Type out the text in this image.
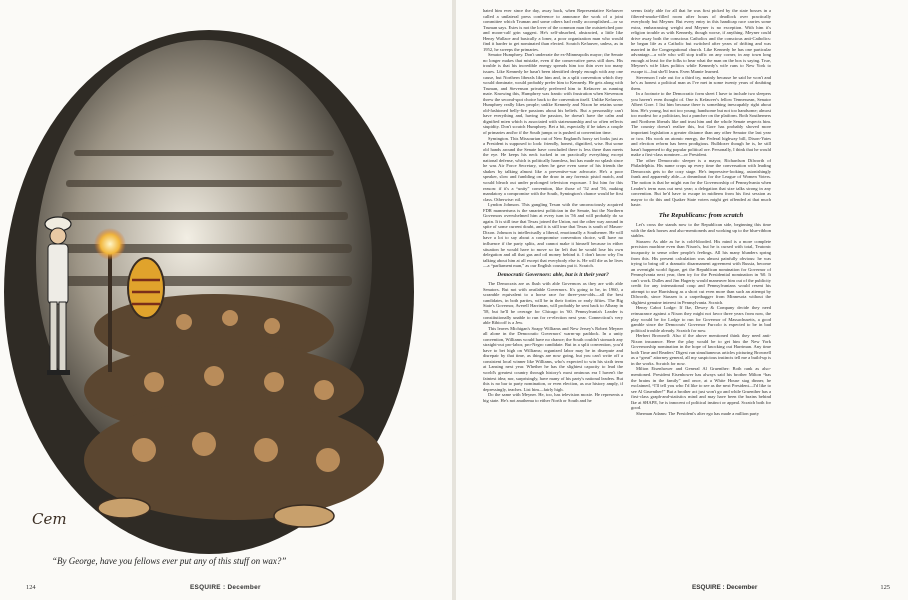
Cem
“By George, have you fellows ever put any of this stuff on wax?”
124	ESQUIRE : December

hated him ever since the day, away back, when Representative Kefauver called a unilateral press conference to announce the work of a joint committee which Truman and some others had really accomplished—or so Truman says. Estes is not the lover of the common man the outstretched paw and moon-calf grin suggest. He's self-absorbed, abstracted, a little like Henry Wallace and basically a loner, a poor organization man who would find it harder to get nominated than elected. Scratch Kefauver, unless, as in 1952, he sweeps the primaries.

Senator Humphrey. Don't underrate the ex-Minneapolis mayor; the Senate no longer makes that mistake, even if the conservative press still does. His trouble is that his incredible energy spreads him too thin over too many issues. Like Kennedy he hasn't been identified deeply enough with any one cause, but Northern liberals like him and, in a split convention which they would dominate, would probably prefer him to Kennedy. He gets along with Truman, and Stevenson privately preferred him to Kefauver as running mate. Knowing this, Humphrey was frantic with frustration when Stevenson threw the second-spot choice back to the convention itself. Unlike Kefauver, Humphrey really likes people; unlike Kennedy and Nixon he retains some old-fashioned belly-fire passions about his beliefs. But a personality can't have everything and, having the passion, he doesn't have the calm and dignified mien which is associated with statesmanship and so often reflects stupidity. Don't scratch Humphrey. Bet a bit, especially if he takes a couple of primaries and/or if the South jumps or is pushed at convention time.

Symington. This Missourian out of New England's horsy set looks just as a President is supposed to look: friendly, honest, dignified, wise. But some old hands around the Senate have concluded there is less there than meets the eye. He keeps his neck tucked in on practically everything except national defense, which is politically harmless, but has made no splash since he was Air Force Secretary, when he gave even some of his friends the shakes by talking almost like a preventive-war advocate. He's a poor speaker, slow and fumbling on the draw in any forensic pistol match, and would bleach out under prolonged television exposure. I list him for this reason: if it's a “unity” convention, like those of '52 and '56, making mandatory a compromise with the South, Symington's chance would be first class. Otherwise: nil.

Lyndon Johnson. This gangling Texan with the unconsciously acquired FDR mannerisms is the smartest politician in the Senate, but the Northern Governors overwhelmed him at every turn in '56 and will probably do so again. It is still true that Texas joined the Union, not the other way around in spite of some current doubt, and it is still true that Texas is south of Mason-Dixon. Johnson is intellectually a liberal, emotionally a Southerner. He will have a lot to say about a compromise convention choice, will have no influence if the party splits, and cannot make it himself because in either situation he would have to move so far left that he would lose his own delegation and all that gas and oil money behind it. I don't know why I'm talking about him at all except that everybody else is. He will die as he lives—a “parliament man,” as our English cousins put it. Scratch.

Democratic Governors: able, but is it their year?

The Democrats are as flush with able Governors as they are with able Senators. But not with available Governors. It's going to be, in 1960, a scramble equivalent to a horse race for three-year-olds—all the best candidates, in both parties, will be in their forties or early fifties. The Big State's Governor, Averell Harriman, will probably be sent back to Albany in '58, but he'll be overage for Chicago in '60. Pennsylvania's Leader is constitutionally unable to run for re-election next year. Connecticut's very able Ribicoff is a Jew.

This leaves Michigan's Soapy Williams and New Jersey's Robert Meyner all alone in the Democratic Governors' warm-up paddock. In a unity convention, Williams would have no chance; the South couldn't stomach any straight-out pro-labor, pro-Negro candidate. But in a split convention, you'd have to bet high on Williams; organized labor may be in disrepute and disrepair by that time, as things are now going, but you can't write off a consistent local winner like Williams, who's expected to win his sixth term at Lansing next year. Whether he has the slightest capacity to lead the world's greatest country through history's most ominous era I haven't the faintest idea; nor, surprisingly, have many of his party's national leaders. But this is no bar to party nomination, or even election, as our history amply, if depressingly, teaches. List him—fairly high.

Do the same with Meyner. He, too, has television moxie. He represents a big state. He's not anathema to either North or South and he

seems fairly able for all that he was first picked by the state bosses in a filtered-smoke-filled room after hours of deadlock over practically everybody but Meyner. But every entry in this handicap race carries some extra, embarrassing weight and Meyner is no exception. With him it's religion trouble as with Kennedy, though worse, if anything. Meyner could drive away both the conscious Catholics and the conscious anti-Catholics: he began life as a Catholic but switched after years of drifting and was married in the Congregational church. Like Kennedy he has one particular advantage—a wife who will stop traffic on any corner, in any town long enough at least for the folks to hear what the man on the box is saying. True, Meyner's wife likes politics while Kennedy's wife runs to New York to escape it—but she'll learn. Even Mamie learned.

Stevenson I rule out for a third try, mainly because he said he won't and he's as honest a political man as I've met in some twenty years of doubting them.

In a footnote to the Democratic form sheet I have to include two sleepers you haven't even thought of. One is Kefauver's fellow Tennessean, Senator Albert Gore. I list him because there is something inescapably right about him. He's young, but not too young; handsome but not too handsome; almost too modest for a politician, but a puncher on the platform. Both Southerners and Northern liberals like and trust him and the whole Senate respects him. The country doesn't realize this, but Gore has probably shoved more important legislation a greater distance than any other Senator the last year or two. His work on atomic energy, the Federal highway bill, Dixon-Yates and election reform has been prodigious. Bulldozer though he is, he still hasn't happened to dig popular political ore. Personally, I think that he would make a first-class nominee—or President.

The other Democratic sleeper is a mayor, Richardson Dilworth of Philadelphia. His name crops up every time the conversation with leading Democrats gets to the cozy stage. He's impressive-looking, astonishingly frank and apparently able—a dreamboat for the League of Women Voters. The notion is that he might run for the Governorship of Pennsylvania when Leader's term runs out next year; a delegation that size talks strong in any convention. But he'd have to escape in midterm from his first session as mayor to do this and Quaker State voters might get offended at that much haste.

The Republicans: from scratch

Let's cross the stands now to the Republican side, beginning this time with the dark horses and also-mentioneds and working up to the blue-ribbon stables.

Stassen: As able as he is cold-blooded. His mind is a more complete precision machine even than Nixon's, but he is cursed with total, Teutonic incapacity to sense other people's feelings. All his many blunders spring from this. His present calculation was almost painfully obvious: he was trying to bring off a dramatic disarmament agreement with Russia, become an overnight world figure, get the Republican nomination for Governor of Pennsylvania next year, then try for the Presidential nomination in '60. It can't work. Dulles and Jim Hagerty would maneuver him out of the publicity credit for any international coup and Pennsylvanians would resent his attempt to use Harrisburg as a short cut even more than such an attempt by Dilworth, since Stassen is a carpetbagger from Minnesota without the slightest genuine interest in Pennsylvania. Scratch.

Henry Cabot Lodge: If Ike, Dewey & Company decide they need reinsurance against a Nixon they might not favor three years from now, the play would be for Lodge to run for Governor of Massachusetts, a good gamble since the Democrats' Governor Furcolo is expected to be in bad political trouble already. Scratch for now.

Herbert Brownell: Also if the above mentioned think they need anti-Nixon insurance. Here the play would be to get him the New York Governorship nomination in the hope of knocking out Harriman. Any time both Time and Readers' Digest run simultaneous articles picturing Brownell as a “great” attorney general, all my suspicious instincts tell me a build-up is in the works. Scratch for now.

Milton Eisenhower and General Al Gruenther: Both rank as also-mentioned. President Eisenhower has always said his brother Milton “has the brains in the family” and once, at a White House stag dinner, he exclaimed, “I'll tell you who I'd like to see as the next President—I'd like to see Al Gruenther!” But a brother act just won't go and while Gruenther has a first-class graph-and-statistics mind and may have been the brains behind Ike at SHAPE, he is innocent of political instinct or appeal. Scratch both for good.

Sherman Adams: The President's alter ego has made a million party

ESQUIRE : December	125
